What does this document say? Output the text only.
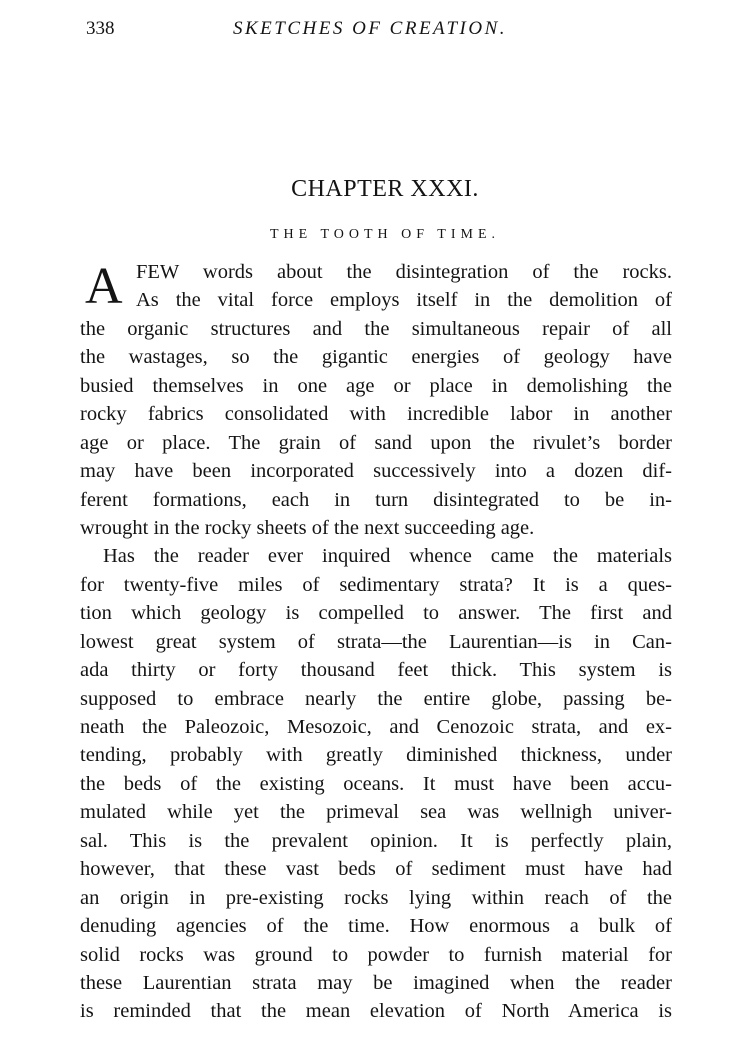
338	SKETCHES OF CREATION.
CHAPTER XXXI.
THE TOOTH OF TIME.
A FEW words about the disintegration of the rocks.
As the vital force employs itself in the demolition of
the organic structures and the simultaneous repair of all
the wastages, so the gigantic energies of geology have
busied themselves in one age or place in demolishing the
rocky fabrics consolidated with incredible labor in another
age or place. The grain of sand upon the rivulet’s border
may have been incorporated successively into a dozen dif-
ferent formations, each in turn disintegrated to be in-
wrought in the rocky sheets of the next succeeding age.
Has the reader ever inquired whence came the materials
for twenty-five miles of sedimentary strata? It is a ques-
tion which geology is compelled to answer. The first and
lowest great system of strata—the Laurentian—is in Can-
ada thirty or forty thousand feet thick. This system is
supposed to embrace nearly the entire globe, passing be-
neath the Paleozoic, Mesozoic, and Cenozoic strata, and ex-
tending, probably with greatly diminished thickness, under
the beds of the existing oceans. It must have been accu-
mulated while yet the primeval sea was wellnigh univer-
sal. This is the prevalent opinion. It is perfectly plain,
however, that these vast beds of sediment must have had
an origin in pre-existing rocks lying within reach of the
denuding agencies of the time. How enormous a bulk of
solid rocks was ground to powder to furnish material for
these Laurentian strata may be imagined when the reader
is reminded that the mean elevation of North America is
